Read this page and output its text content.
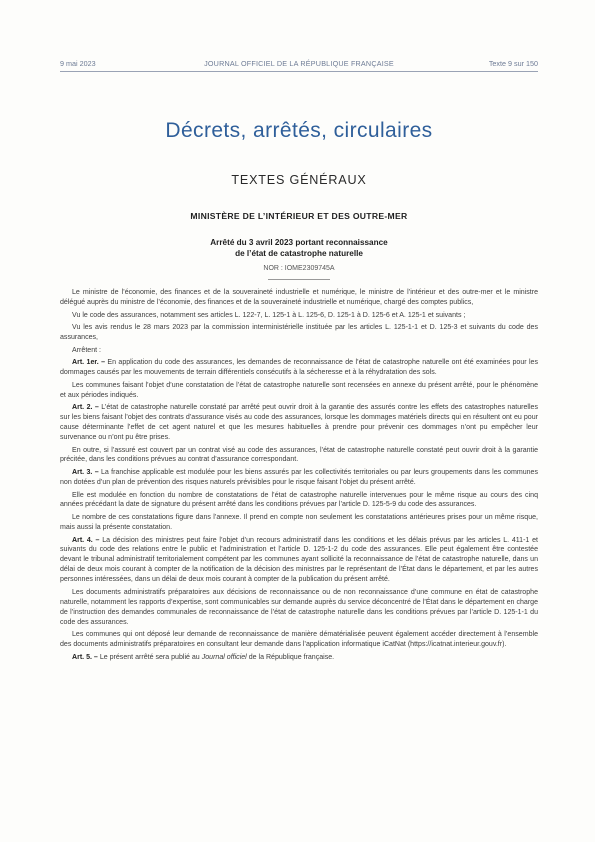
9 mai 2023	JOURNAL OFFICIEL DE LA RÉPUBLIQUE FRANÇAISE	Texte 9 sur 150
Décrets, arrêtés, circulaires
TEXTES GÉNÉRAUX
MINISTÈRE DE L’INTÉRIEUR ET DES OUTRE-MER
Arrêté du 3 avril 2023 portant reconnaissance
de l’état de catastrophe naturelle
NOR : IOME2309745A

Le ministre de l’économie, des finances et de la souveraineté industrielle et numérique, le ministre de l’intérieur et des outre-mer et le ministre délégué auprès du ministre de l’économie, des finances et de la souveraineté industrielle et numérique, chargé des comptes publics,

Vu le code des assurances, notamment ses articles L. 122-7, L. 125-1 à L. 125-6, D. 125-1 à D. 125-6 et A. 125-1 et suivants ;

Vu les avis rendus le 28 mars 2023 par la commission interministérielle instituée par les articles L. 125-1-1 et D. 125-3 et suivants du code des assurances,

Arrêtent :

Art. 1er. – En application du code des assurances, les demandes de reconnaissance de l’état de catastrophe naturelle ont été examinées pour les dommages causés par les mouvements de terrain différentiels consécutifs à la sécheresse et à la réhydratation des sols.

Les communes faisant l’objet d’une constatation de l’état de catastrophe naturelle sont recensées en annexe du présent arrêté, pour le phénomène et aux périodes indiqués.

Art. 2. – L’état de catastrophe naturelle constaté par arrêté peut ouvrir droit à la garantie des assurés contre les effets des catastrophes naturelles sur les biens faisant l’objet des contrats d’assurance visés au code des assurances, lorsque les dommages matériels directs qui en résultent ont eu pour cause déterminante l’effet de cet agent naturel et que les mesures habituelles à prendre pour prévenir ces dommages n’ont pu empêcher leur survenance ou n’ont pu être prises.

En outre, si l’assuré est couvert par un contrat visé au code des assurances, l’état de catastrophe naturelle constaté peut ouvrir droit à la garantie précitée, dans les conditions prévues au contrat d’assurance correspondant.

Art. 3. – La franchise applicable est modulée pour les biens assurés par les collectivités territoriales ou par leurs groupements dans les communes non dotées d’un plan de prévention des risques naturels prévisibles pour le risque faisant l’objet du présent arrêté.

Elle est modulée en fonction du nombre de constatations de l’état de catastrophe naturelle intervenues pour le même risque au cours des cinq années précédant la date de signature du présent arrêté dans les conditions prévues par l’article D. 125-5-9 du code des assurances.

Le nombre de ces constatations figure dans l’annexe. Il prend en compte non seulement les constatations antérieures prises pour un même risque, mais aussi la présente constatation.

Art. 4. – La décision des ministres peut faire l’objet d’un recours administratif dans les conditions et les délais prévus par les articles L. 411-1 et suivants du code des relations entre le public et l’administration et l’article D. 125-1-2 du code des assurances. Elle peut également être contestée devant le tribunal administratif territorialement compétent par les communes ayant sollicité la reconnaissance de l’état de catastrophe naturelle, dans un délai de deux mois courant à compter de la notification de la décision des ministres par le représentant de l’État dans le département, et par les autres personnes intéressées, dans un délai de deux mois courant à compter de la publication du présent arrêté.

Les documents administratifs préparatoires aux décisions de reconnaissance ou de non reconnaissance d’une commune en état de catastrophe naturelle, notamment les rapports d’expertise, sont communicables sur demande auprès du service déconcentré de l’État dans le département en charge de l’instruction des demandes communales de reconnaissance de l’état de catastrophe naturelle dans les conditions prévues par l’article D. 125-1-1 du code des assurances.

Les communes qui ont déposé leur demande de reconnaissance de manière dématérialisée peuvent également accéder directement à l’ensemble des documents administratifs préparatoires en consultant leur demande dans l’application informatique iCatNat (https://icatnat.interieur.gouv.fr).

Art. 5. – Le présent arrêté sera publié au Journal officiel de la République française.
